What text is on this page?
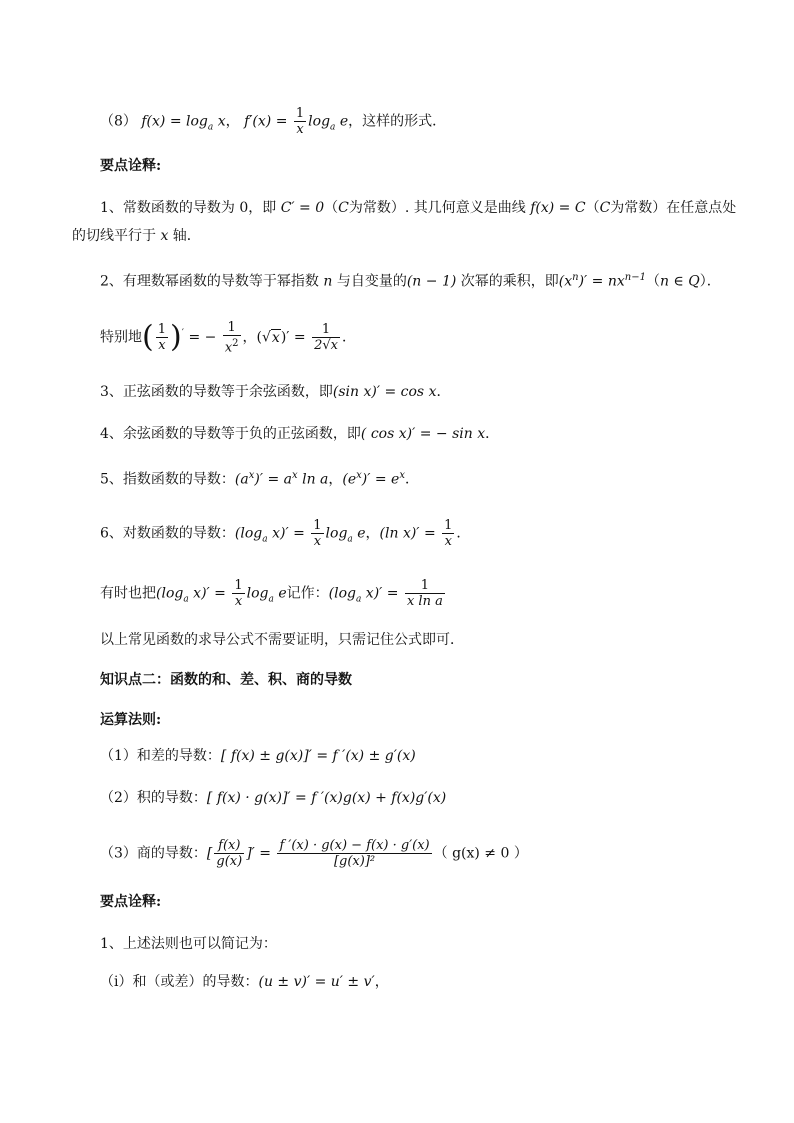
（8） $f(x) = \log_a x$， $f'(x) = \frac{1}{x} \log_a e$，这样的形式．
要点诠释:
1、常数函数的导数为 0，即 C′ = 0（C为常数）. 其几何意义是曲线 f(x) = C（C为常数）在任意点处
的切线平行于 x 轴．
2、有理数幂函数的导数等于幂指数 n 与自变量的(n − 1) 次幂的乘积，即$(x^n)' = nx^{n-1}(n$ ∈ Q）．
特别地( $\frac{1}{x} )'$ = − $\frac{1}{x^2}$ ，$(√x)' = \frac{1}{2√x}$ ．
3、正弦函数的导数等于余弦函数，即(sin x)′ = cos x．
4、余弦函数的导数等于负的正弦函数，即( cos x)′ = − sin x．
5、指数函数的导数：$(a^x)' = a^x$ ln a，$(e^x)' = e^x$．
6、对数函数的导数：($\log_a$ $x)' = \frac{1}{x} \log_a e$，(ln $x)' = \frac{1}{x}$ ．
有时也把($\log_a$ $x)' = \frac{1}{x} \log_a e$记作：($\log_a$ $x)' = \frac{1}{\text{x ln a}}$
以上常见函数的求导公式不需要证明，只需记住公式即可．
知识点二：函数的和、差、积、商的导数
运算法则:
（1）和差的导数：[ f(x) ± g(x)]′ = f ′(x) ± g′(x)
（2）积的导数：[ f(x) · g(x)]′ = f ′(x)g(x) + f(x)g′(x)
（3）商的导数：[ $\frac{f(x)}{g(x)}$ ]′ = $\frac{f '(x) \cdot g(x) - f(x) \cdot g'(x)}{\text{[g(x)]²}}$ （ g(x) ≠ 0 ）
要点诠释:
1、上述法则也可以简记为：
（ⅰ）和（或差）的导数：(u ± v)′ = u′ ± v′，
